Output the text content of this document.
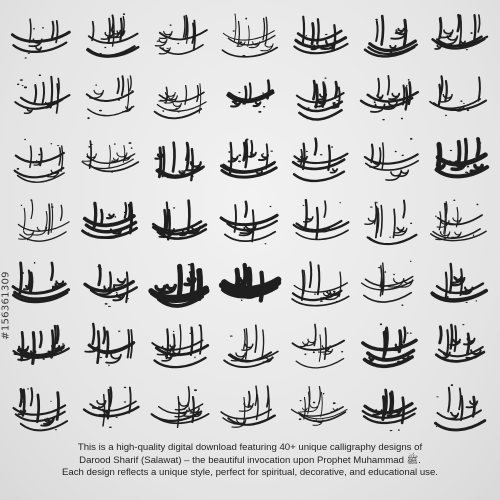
#156361309
This is a high-quality digital download featuring 40+ unique calligraphy designs of
Darood Sharif (Salawat) – the beautiful invocation upon Prophet Muhammad ﷺ.
Each design reflects a unique style, perfect for spiritual, decorative, and educational use.
